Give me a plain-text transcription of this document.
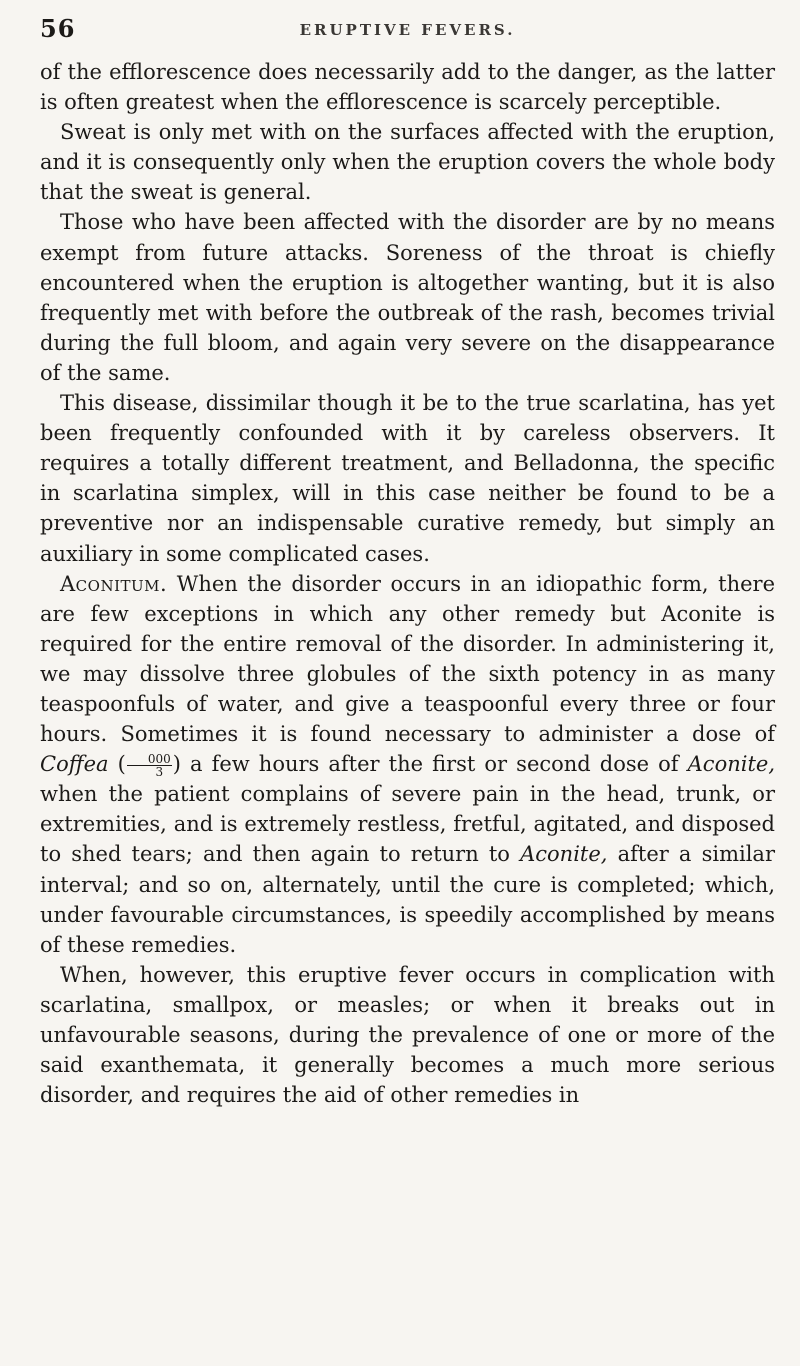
56	ERUPTIVE FEVERS.

of the efflorescence does necessarily add to the danger, as the latter is often greatest when the efflorescence is scarcely perceptible.

Sweat is only met with on the surfaces affected with the eruption, and it is consequently only when the eruption covers the whole body that the sweat is general.

Those who have been affected with the disorder are by no means exempt from future attacks. Soreness of the throat is chiefly encountered when the eruption is altogether wanting, but it is also frequently met with before the outbreak of the rash, becomes trivial during the full bloom, and again very severe on the disappearance of the same.

This disease, dissimilar though it be to the true scarlatina, has yet been frequently confounded with it by careless observers. It requires a totally different treatment, and Belladonna, the specific in scarlatina simplex, will in this case neither be found to be a preventive nor an indispensable curative remedy, but simply an auxiliary in some complicated cases.

Aconitum. When the disorder occurs in an idiopathic form, there are few exceptions in which any other remedy but Aconite is required for the entire removal of the disorder. In administering it, we may dissolve three globules of the sixth potency in as many teaspoonfuls of water, and give a teaspoonful every three or four hours. Sometimes it is found necessary to administer a dose of Coffea ( $\frac{000}{3}$ ) a few hours after the first or second dose of Aconite, when the patient complains of severe pain in the head, trunk, or extremities, and is extremely restless, fretful, agitated, and disposed to shed tears; and then again to return to Aconite, after a similar interval; and so on, alternately, until the cure is completed; which, under favourable circumstances, is speedily accomplished by means of these remedies.

When, however, this eruptive fever occurs in complication with scarlatina, smallpox, or measles; or when it breaks out in unfavourable seasons, during the prevalence of one or more of the said exanthemata, it generally becomes a much more serious disorder, and requires the aid of other remedies in
